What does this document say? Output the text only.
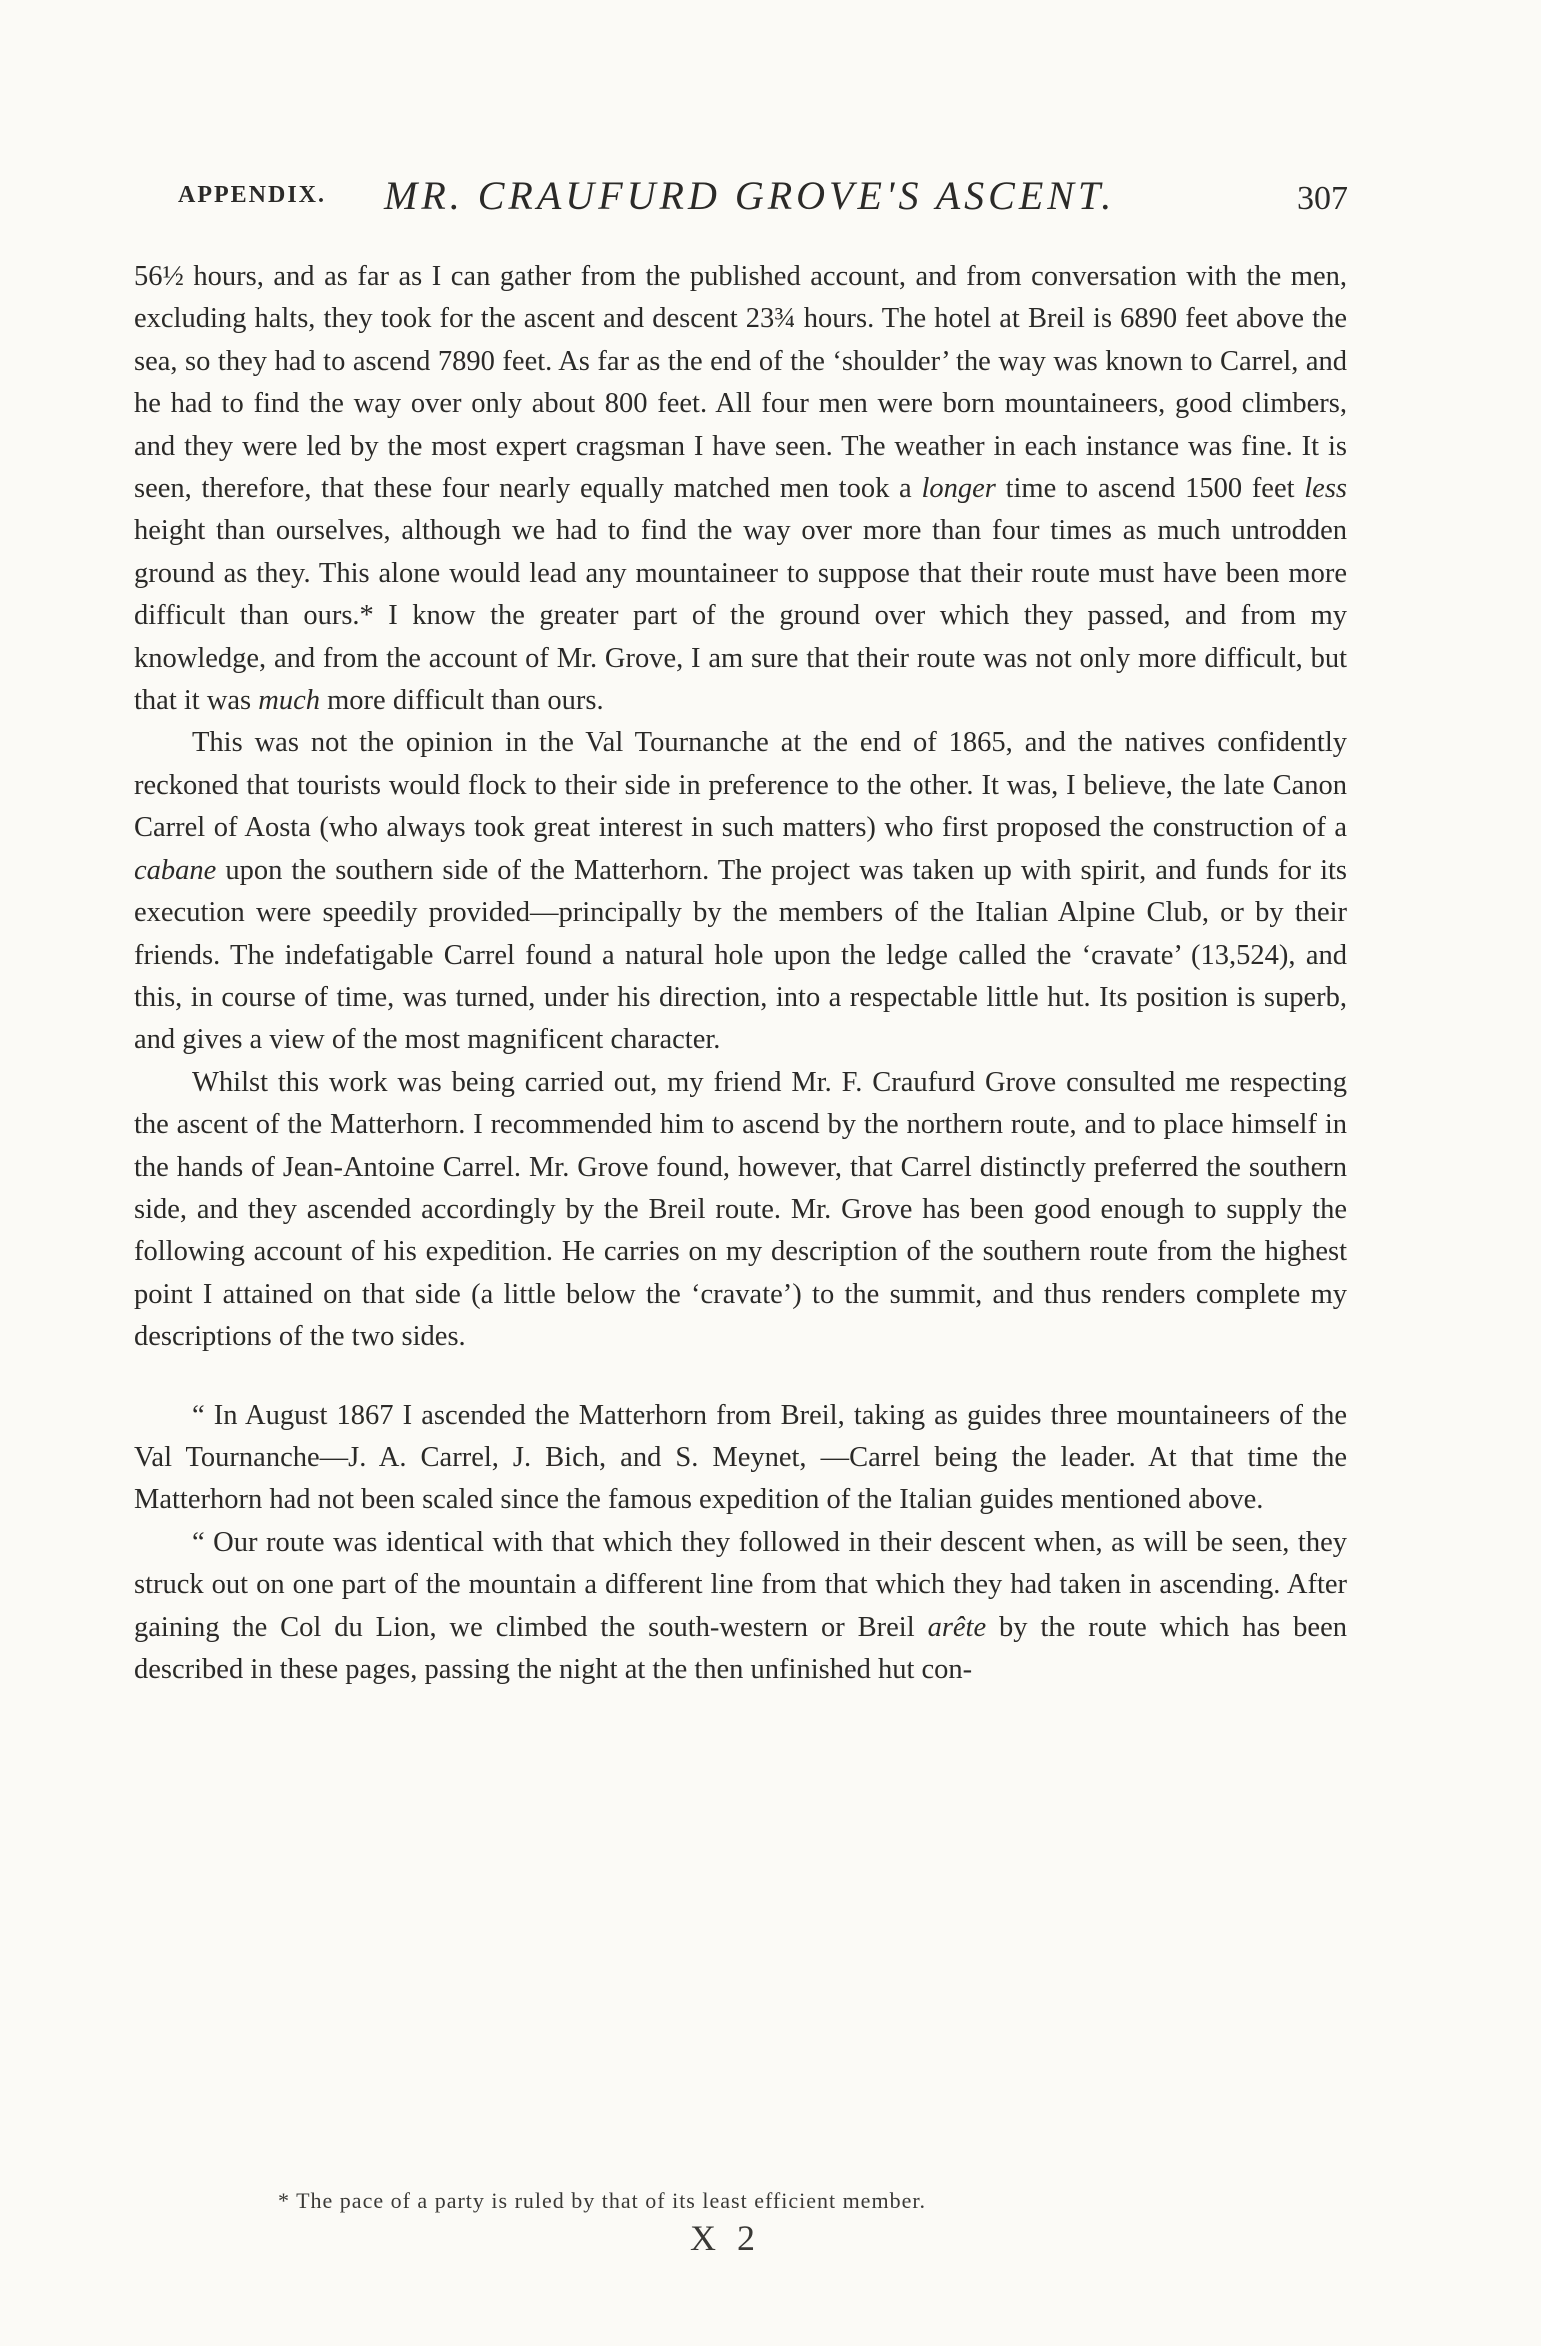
APPENDIX. MR. CRAUFURD GROVE'S ASCENT.	307

56½ hours, and as far as I can gather from the published account, and from conversation with the men, excluding halts, they took for the ascent and descent 23¾ hours. The hotel at Breil is 6890 feet above the sea, so they had to ascend 7890 feet. As far as the end of the ‘shoulder’ the way was known to Carrel, and he had to find the way over only about 800 feet. All four men were born mountaineers, good climbers, and they were led by the most expert cragsman I have seen. The weather in each instance was fine. It is seen, therefore, that these four nearly equally matched men took a longer time to ascend 1500 feet less height than ourselves, although we had to find the way over more than four times as much untrodden ground as they. This alone would lead any mountaineer to suppose that their route must have been more difficult than ours.* I know the greater part of the ground over which they passed, and from my knowledge, and from the account of Mr. Grove, I am sure that their route was not only more difficult, but that it was much more difficult than ours.

This was not the opinion in the Val Tournanche at the end of 1865, and the natives confidently reckoned that tourists would flock to their side in preference to the other. It was, I believe, the late Canon Carrel of Aosta (who always took great interest in such matters) who first proposed the construction of a cabane upon the southern side of the Matterhorn. The project was taken up with spirit, and funds for its execution were speedily provided—principally by the members of the Italian Alpine Club, or by their friends. The indefatigable Carrel found a natural hole upon the ledge called the ‘cravate’ (13,524), and this, in course of time, was turned, under his direction, into a respectable little hut. Its position is superb, and gives a view of the most magnificent character.

Whilst this work was being carried out, my friend Mr. F. Craufurd Grove consulted me respecting the ascent of the Matterhorn. I recommended him to ascend by the northern route, and to place himself in the hands of Jean-Antoine Carrel. Mr. Grove found, however, that Carrel distinctly preferred the southern side, and they ascended accordingly by the Breil route. Mr. Grove has been good enough to supply the following account of his expedition. He carries on my description of the southern route from the highest point I attained on that side (a little below the ‘cravate’) to the summit, and thus renders complete my descriptions of the two sides.

“ In August 1867 I ascended the Matterhorn from Breil, taking as guides three mountaineers of the Val Tournanche—J. A. Carrel, J. Bich, and S. Meynet, —Carrel being the leader. At that time the Matterhorn had not been scaled since the famous expedition of the Italian guides mentioned above.

“ Our route was identical with that which they followed in their descent when, as will be seen, they struck out on one part of the mountain a different line from that which they had taken in ascending. After gaining the Col du Lion, we climbed the south-western or Breil arête by the route which has been described in these pages, passing the night at the then unfinished hut con-

* The pace of a party is ruled by that of its least efficient member.
X 2
